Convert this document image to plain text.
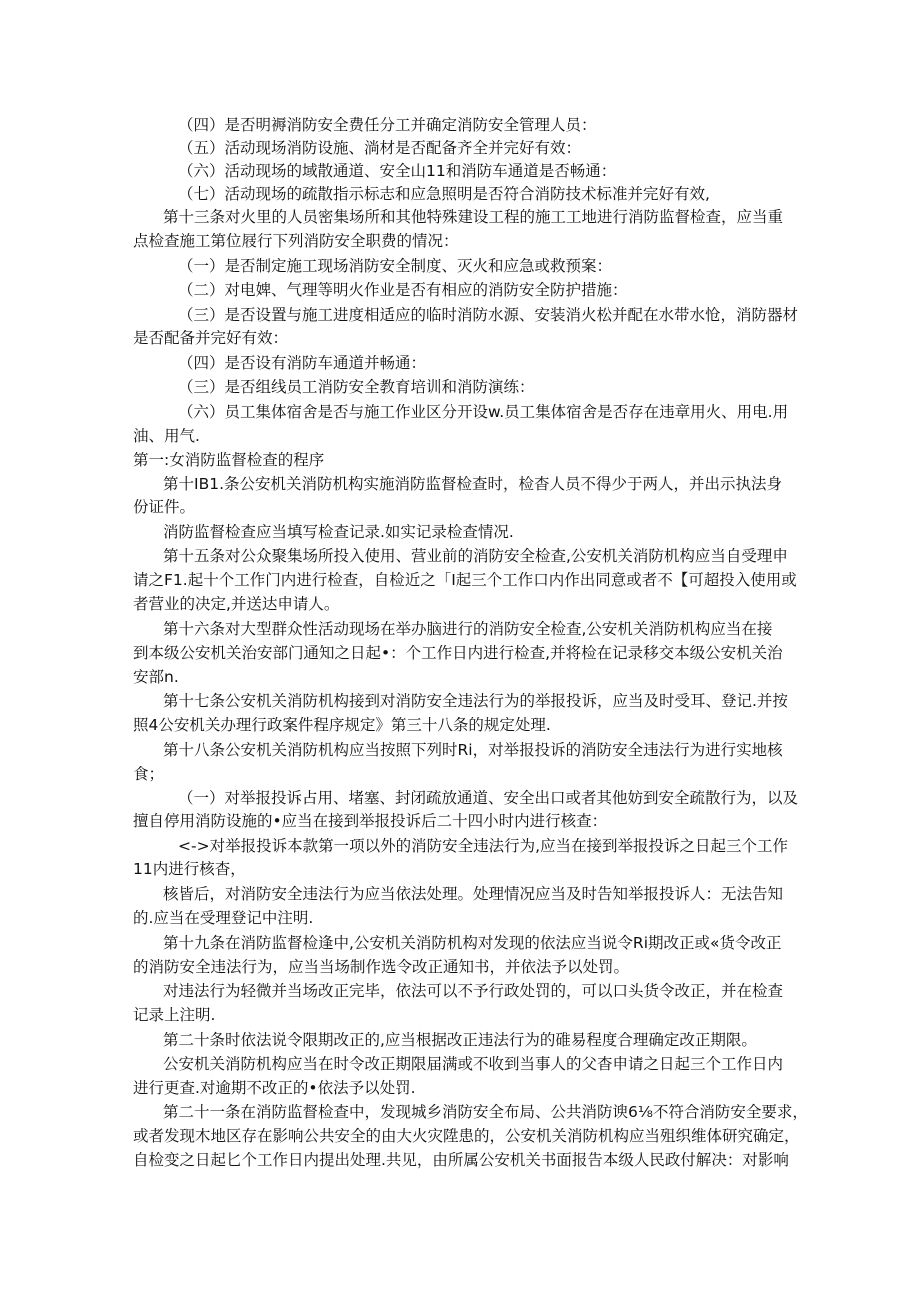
（四）是否明褥消防安全费任分工并确定消防安全管理人员：
（五）活动现场消防设施、淌材是否配备齐全并完好有效：
（六）活动现场的域散通道、安全山11和消防车通道是否畅通：
（七）活动现场的疏散指示标志和应急照明是否符合消防技术标准并完好有效,
第十三条对火里的人员密集场所和其他特殊建设工程的施工工地进行消防监督检查，应当重
点检查施工第位屐行下列消防安全职费的情况：
（一）是否制定施工现场消防安全制度、灭火和应急或救预案：
（二）对电婢、气理等明火作业是否有相应的消防安全防护措施：
（三）是否设置与施工进度相适应的临时消防水源、安装消火松并配在水带水怆，消防器材
是否配备并完好有效：
（四）是否设有消防车通道并畅通：
（三）是否组线员工消防安全教育培训和消防演练：
（六）员工集体宿舍是否与施工作业区分开设w.员工集体宿舍是否存在违章用火、用电.用
油、用气.
第一:女消防监督检查的程序
第十IB1.条公安机关消防机构实施消防监督检查时，检杳人员不得少于两人，并出示执法身
份证件。
消防监督检查应当填写检查记录.如实记录检查情况.
第十五条对公众聚集场所投入使用、营业前的消防安全检查,公安机关消防机构应当自受理申
请之F1.起十个工作门内进行检查，自检近之「I起三个工作口内作出同意或者不【可超投入使用或
者营业的决定,并送达申请人。
第十六条对大型群众性活动现场在举办脑进行的消防安全检查,公安机关消防机构应当在接
到本级公安机关治安部门通知之日起•：个工作日内进行检查,并将检在记录移交本级公安机关治
安部n.
第十七条公安机关消防机构接到对消防安全违法行为的举报投诉，应当及时受耳、登记.并按
照4公安机关办理行政案件程序规定》第三十八条的规定处理.
第十八条公安机关消防机构应当按照下列时Ri，对举报投诉的消防安全违法行为进行实地核
食；
（一）对举报投诉占用、堵塞、封闭疏放通道、安全出口或者其他妨到安全疏散行为，以及
擅自停用消防设施的•应当在接到举报投诉后二十四小时内进行核查：
<->对举报投诉本款第一项以外的消防安全违法行为,应当在接到举报投诉之日起三个工作
11内进行核杳，
核皆后，对消防安全违法行为应当依法处理。处理情况应当及时告知举报投诉人：无法告知
的.应当在受理登记中注明.
第十九条在消防监督检逢中,公安机关消防机构对发现的依法应当说令Ri期改正或«货令改正
的消防安全违法行为，应当当场制作选令改正通知书，并依法予以处罚。
对违法行为轻微并当场改正完毕，依法可以不予行政处罚的，可以口头货令改正，并在检查
记录上注明.
第二十条时依法说令限期改正的,应当根据改正违法行为的碓易程度合理确定改正期限。
公安机关消防机构应当在时令改正期限届满或不收到当事人的父杳申请之日起三个工作日内
进行更查.对逾期不改正的•依法予以处罚.
第二十一条在消防监督检查中，发现城乡消防安全布局、公共消防谀6⅛不符合消防安全要求，
或者发现木地区存在影响公共安全的由大火灾陞患的，公安机关消防机构应当殂织维体研究确定，
自检变之日起匕个工作日内提出处理.共见，由所属公安机关书面报告本级人民政付解决：对影响
